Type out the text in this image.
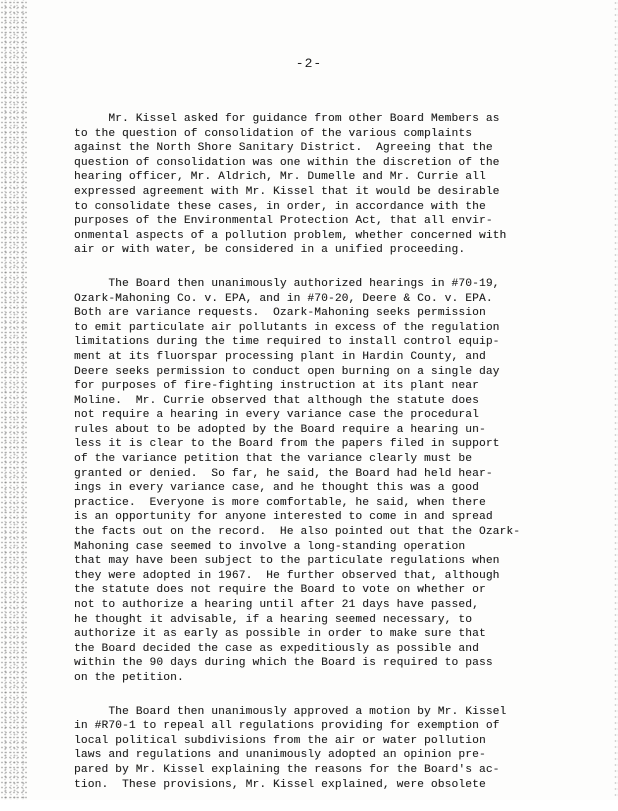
-2-
Mr. Kissel asked for guidance from other Board Members as
to the question of consolidation of the various complaints
against the North Shore Sanitary District.  Agreeing that the
question of consolidation was one within the discretion of the
hearing officer, Mr. Aldrich, Mr. Dumelle and Mr. Currie all
expressed agreement with Mr. Kissel that it would be desirable
to consolidate these cases, in order, in accordance with the
purposes of the Environmental Protection Act, that all envir-
onmental aspects of a pollution problem, whether concerned with
air or with water, be considered in a unified proceeding.
The Board then unanimously authorized hearings in #70-19,
Ozark-Mahoning Co. v. EPA, and in #70-20, Deere & Co. v. EPA.
Both are variance requests.  Ozark-Mahoning seeks permission
to emit particulate air pollutants in excess of the regulation
limitations during the time required to install control equip-
ment at its fluorspar processing plant in Hardin County, and
Deere seeks permission to conduct open burning on a single day
for purposes of fire-fighting instruction at its plant near
Moline.  Mr. Currie observed that although the statute does
not require a hearing in every variance case the procedural
rules about to be adopted by the Board require a hearing un-
less it is clear to the Board from the papers filed in support
of the variance petition that the variance clearly must be
granted or denied.  So far, he said, the Board had held hear-
ings in every variance case, and he thought this was a good
practice.  Everyone is more comfortable, he said, when there
is an opportunity for anyone interested to come in and spread
the facts out on the record.  He also pointed out that the Ozark-
Mahoning case seemed to involve a long-standing operation
that may have been subject to the particulate regulations when
they were adopted in 1967.  He further observed that, although
the statute does not require the Board to vote on whether or
not to authorize a hearing until after 21 days have passed,
he thought it advisable, if a hearing seemed necessary, to
authorize it as early as possible in order to make sure that
the Board decided the case as expeditiously as possible and
within the 90 days during which the Board is required to pass
on the petition.
The Board then unanimously approved a motion by Mr. Kissel
in #R70-1 to repeal all regulations providing for exemption of
local political subdivisions from the air or water pollution
laws and regulations and unanimously adopted an opinion pre-
pared by Mr. Kissel explaining the reasons for the Board's ac-
tion.  These provisions, Mr. Kissel explained, were obsolete
